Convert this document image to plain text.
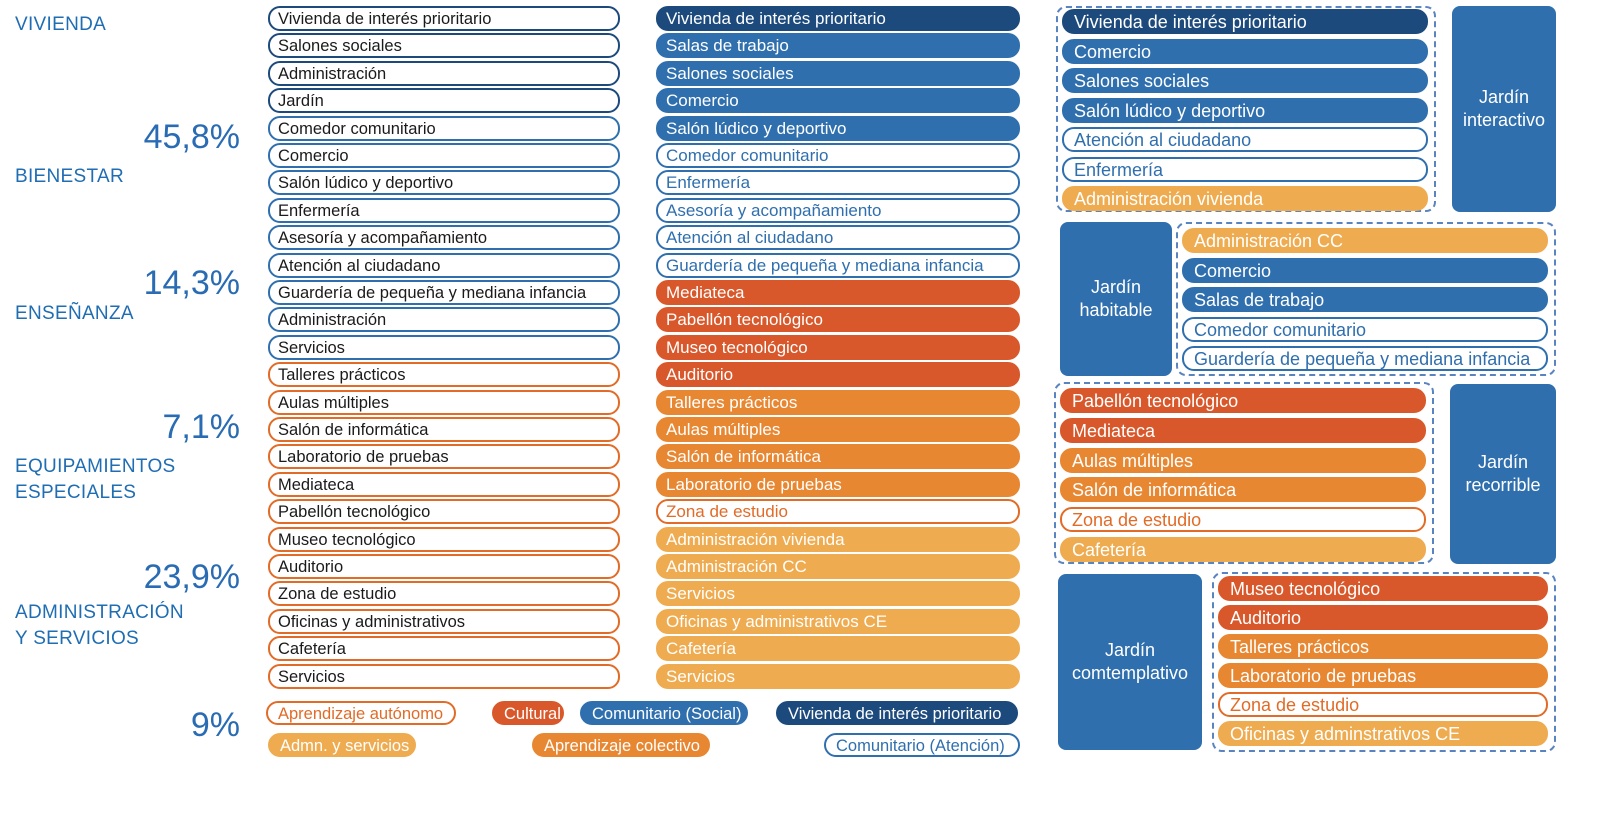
VIVIENDA
45,8%
BIENESTAR
14,3%
ENSEÑANZA
7,1%
EQUIPAMIENTOS
ESPECIALES
23,9%
ADMINISTRACIÓN
Y SERVICIOS
9%
Vivienda de interés prioritario
Salones sociales
Administración
Jardín
Comedor comunitario
Comercio
Salón lúdico y deportivo
Enfermería
Asesoría y acompañamiento
Atención al ciudadano
Guardería de pequeña y mediana infancia
Administración
Servicios
Talleres prácticos
Aulas múltiples
Salón de informática
Laboratorio de pruebas
Mediateca
Pabellón tecnológico
Museo tecnológico
Auditorio
Zona de estudio
Oficinas y administrativos
Cafetería
Servicios
Vivienda de interés prioritario
Salas de trabajo
Salones sociales
Comercio
Salón lúdico y deportivo
Comedor comunitario
Enfermería
Asesoría y acompañamiento
Atención al ciudadano
Guardería de pequeña y mediana infancia
Mediateca
Pabellón tecnológico
Museo tecnológico
Auditorio
Talleres prácticos
Aulas múltiples
Salón de informática
Laboratorio de pruebas
Zona de estudio
Administración vivienda
Administración CC
Servicios
Oficinas y administrativos CE
Cafetería
Servicios
Vivienda de interés prioritario
Comercio
Salones sociales
Salón lúdico y deportivo
Atención al ciudadano
Enfermería
Administración vivienda
Jardín
interactivo
Jardín
habitable
Administración CC
Comercio
Salas de trabajo
Comedor comunitario
Guardería de pequeña y mediana infancia
Pabellón tecnológico
Mediateca
Aulas múltiples
Salón de informática
Zona de estudio
Cafetería
Jardín
recorrible
Jardín
comtemplativo
Museo tecnológico
Auditorio
Talleres prácticos
Laboratorio de pruebas
Zona de estudio
Oficinas y adminstrativos CE
Aprendizaje autónomo	Cultural	Comunitario (Social)	Vivienda de interés prioritario
Admn. y servicios	Aprendizaje colectivo	Comunitario (Atención)
